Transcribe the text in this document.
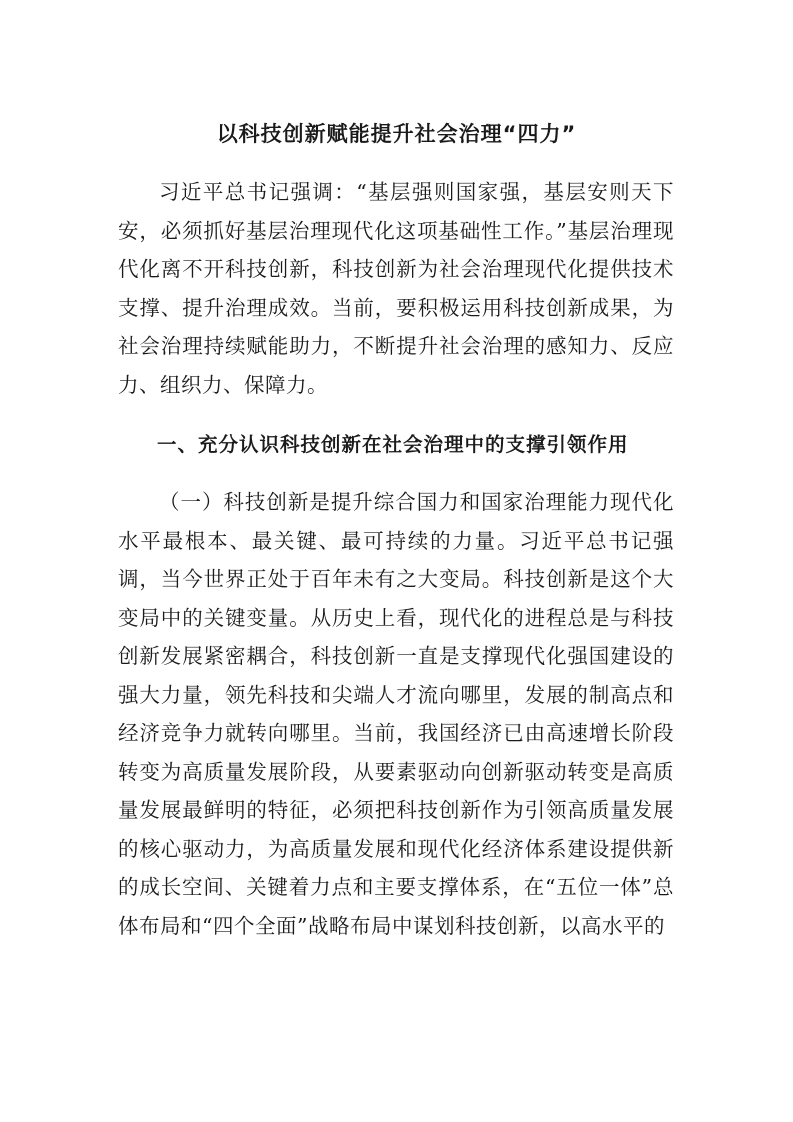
以科技创新赋能提升社会治理“四力”

习近平总书记强调：“基层强则国家强，基层安则天下安，必须抓好基层治理现代化这项基础性工作。”基层治理现代化离不开科技创新，科技创新为社会治理现代化提供技术支撑、提升治理成效。当前，要积极运用科技创新成果，为社会治理持续赋能助力，不断提升社会治理的感知力、反应力、组织力、保障力。

一、充分认识科技创新在社会治理中的支撑引领作用

（一）科技创新是提升综合国力和国家治理能力现代化水平最根本、最关键、最可持续的力量。习近平总书记强调，当今世界正处于百年未有之大变局。科技创新是这个大变局中的关键变量。从历史上看，现代化的进程总是与科技创新发展紧密耦合，科技创新一直是支撑现代化强国建设的强大力量，领先科技和尖端人才流向哪里，发展的制高点和经济竞争力就转向哪里。当前，我国经济已由高速增长阶段转变为高质量发展阶段，从要素驱动向创新驱动转变是高质量发展最鲜明的特征，必须把科技创新作为引领高质量发展的核心驱动力，为高质量发展和现代化经济体系建设提供新的成长空间、关键着力点和主要支撑体系，在“五位一体”总体布局和“四个全面”战略布局中谋划科技创新，以高水平的
